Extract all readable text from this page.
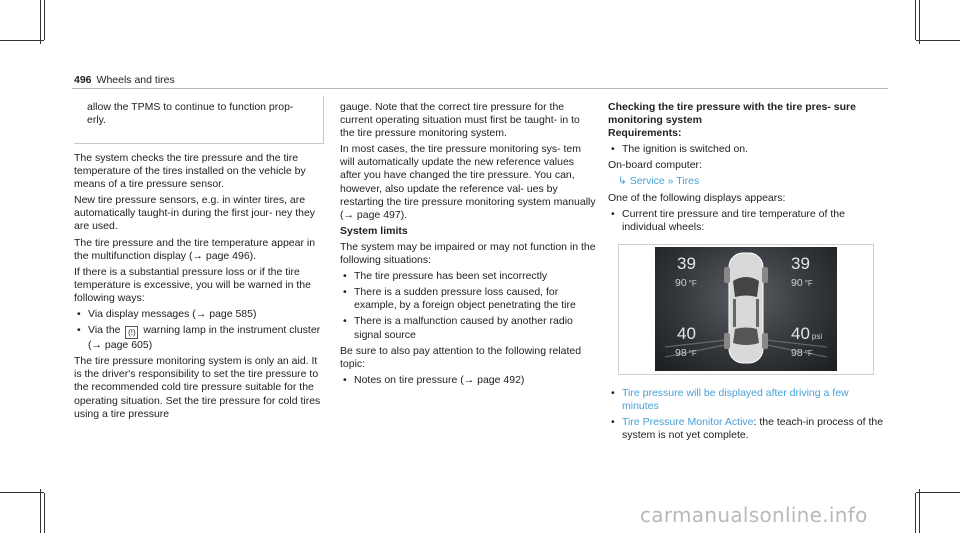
496 Wheels and tires
allow the TPMS to continue to function prop- erly.

The system checks the tire pressure and the tire temperature of the tires installed on the vehicle by means of a tire pressure sensor.

New tire pressure sensors, e.g. in winter tires, are automatically taught-in during the first jour- ney they are used.

The tire pressure and the tire temperature appear in the multifunction display (→ page 496).

If there is a substantial pressure loss or if the tire temperature is excessive, you will be warned in the following ways:

• Via display messages (→ page 585)
• Via the (!) warning lamp in the instrument cluster (→ page 605)

The tire pressure monitoring system is only an aid. It is the driver's responsibility to set the tire pressure to the recommended cold tire pressure suitable for the operating situation. Set the tire pressure for cold tires using a tire pressure

gauge. Note that the correct tire pressure for the current operating situation must first be taught- in to the tire pressure monitoring system.

In most cases, the tire pressure monitoring sys- tem will automatically update the new reference values after you have changed the tire pressure. You can, however, also update the reference val- ues by restarting the tire pressure monitoring system manually (→ page 497).

System limits

The system may be impaired or may not function in the following situations:

• The tire pressure has been set incorrectly
• There is a sudden pressure loss caused, for example, by a foreign object penetrating the tire
• There is a malfunction caused by another radio signal source

Be sure to also pay attention to the following related topic:

• Notes on tire pressure (→ page 492)

Checking the tire pressure with the tire pres- sure monitoring system

Requirements:

• The ignition is switched on.

On-board computer:

↳ Service » Tires

One of the following displays appears:

• Current tire pressure and tire temperature of the individual wheels:
39
90 °F
39
90 °F
40
98 °F
40 psi
98 °F
• Tire pressure will be displayed after driving a few minutes
• Tire Pressure Monitor Active: the teach-in process of the system is not yet complete.
carmanualsonline.info
